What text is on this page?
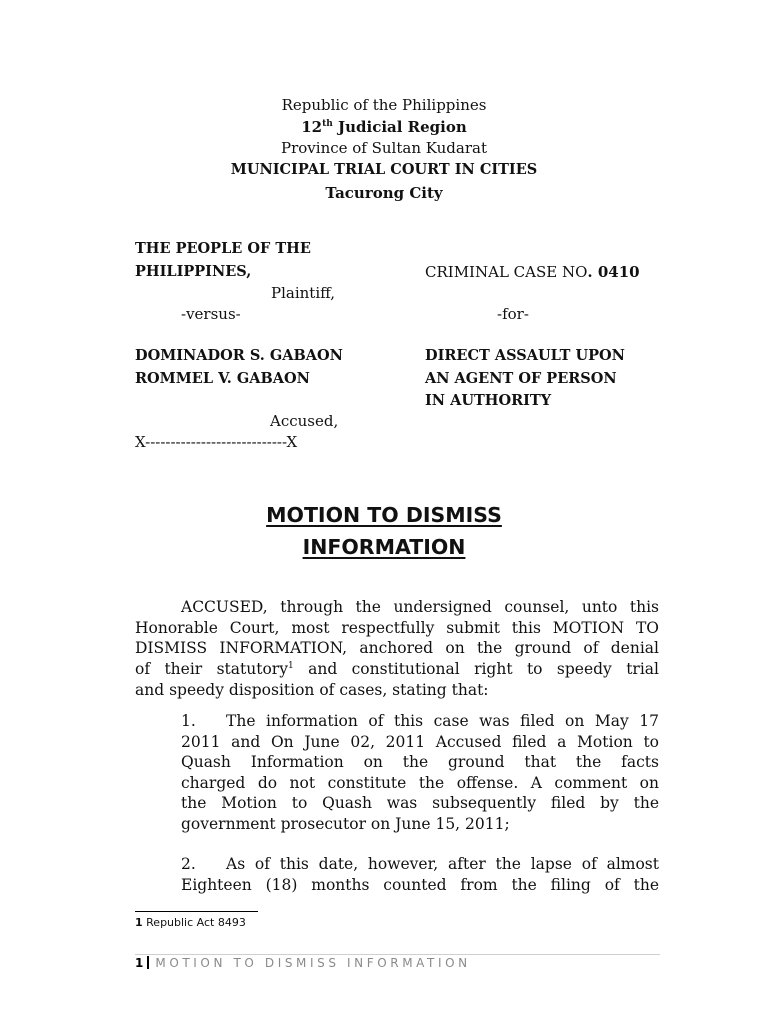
Republic of the Philippines
12th Judicial Region
Province of Sultan Kudarat
MUNICIPAL TRIAL COURT IN CITIES
Tacurong City
THE PEOPLE OF THE
PHILIPPINES,	CRIMINAL CASE NO. 0410
Plaintiff,
-versus-	-for-
DOMINADOR S. GABAON
ROMMEL V. GABAON
DIRECT ASSAULT UPON
AN AGENT OF PERSON
IN AUTHORITY
Accused,
X----------------------------X
MOTION TO DISMISS
INFORMATION
ACCUSED, through the undersigned counsel, unto this
Honorable Court, most respectfully submit this MOTION TO
DISMISS INFORMATION, anchored on the ground of denial
of their statutory$^1$ and constitutional right to speedy trial
and speedy disposition of cases, stating that:
1. The information of this case was filed on May 17
2011 and On June 02, 2011 Accused filed a Motion to
Quash Information on the ground that the facts
charged do not constitute the offense. A comment on
the Motion to Quash was subsequently filed by the
government prosecutor on June 15, 2011;
2. As of this date, however, after the lapse of almost
Eighteen (18) months counted from the filing of the
1 Republic Act 8493
1 MOTION TO DISMISS INFORMATION
